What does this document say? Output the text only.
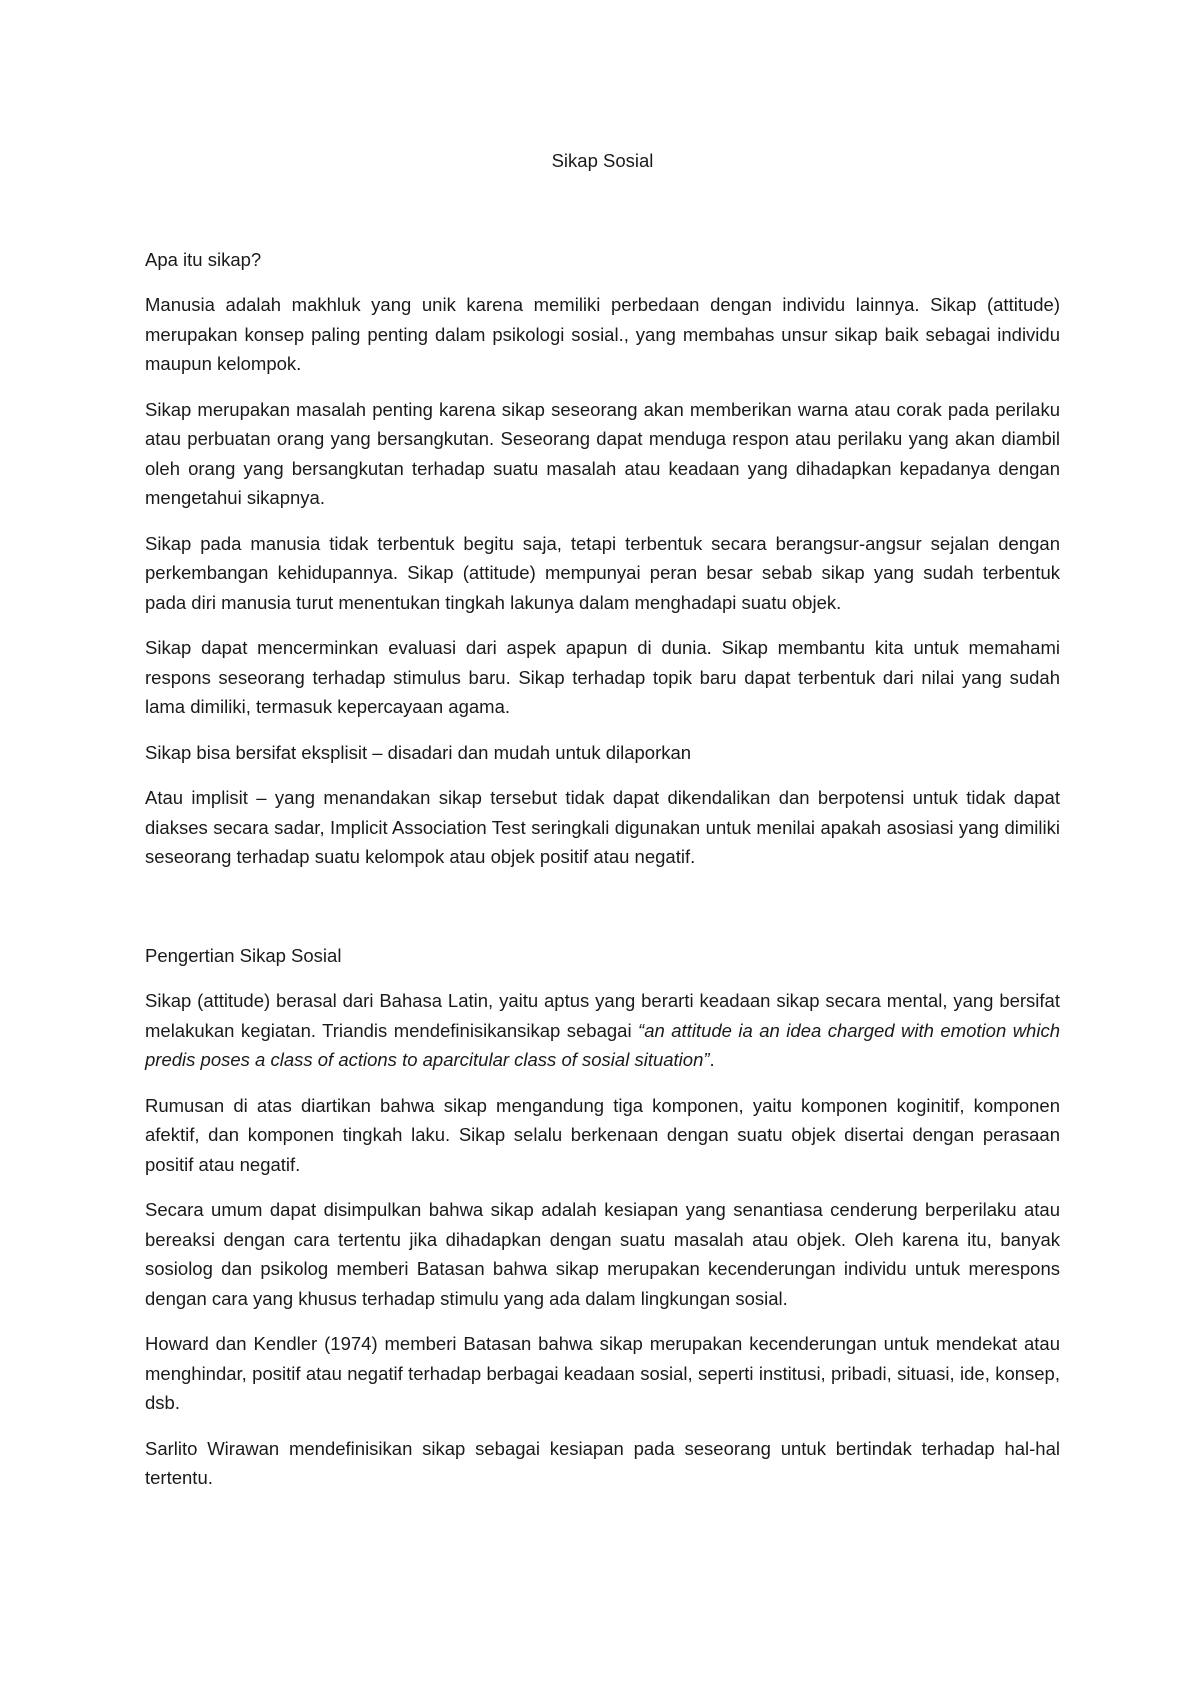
Sikap Sosial
Apa itu sikap?

Manusia adalah makhluk yang unik karena memiliki perbedaan dengan individu lainnya. Sikap (attitude) merupakan konsep paling penting dalam psikologi sosial., yang membahas unsur sikap baik sebagai individu maupun kelompok.

Sikap merupakan masalah penting karena sikap seseorang akan memberikan warna atau corak pada perilaku atau perbuatan orang yang bersangkutan. Seseorang dapat menduga respon atau perilaku yang akan diambil oleh orang yang bersangkutan terhadap suatu masalah atau keadaan yang dihadapkan kepadanya dengan mengetahui sikapnya.

Sikap pada manusia tidak terbentuk begitu saja, tetapi terbentuk secara berangsur-angsur sejalan dengan perkembangan kehidupannya. Sikap (attitude) mempunyai peran besar sebab sikap yang sudah terbentuk pada diri manusia turut menentukan tingkah lakunya dalam menghadapi suatu objek.

Sikap dapat mencerminkan evaluasi dari aspek apapun di dunia. Sikap membantu kita untuk memahami respons seseorang terhadap stimulus baru. Sikap terhadap topik baru dapat terbentuk dari nilai yang sudah lama dimiliki, termasuk kepercayaan agama.

Sikap bisa bersifat eksplisit – disadari dan mudah untuk dilaporkan

Atau implisit – yang menandakan sikap tersebut tidak dapat dikendalikan dan berpotensi untuk tidak dapat diakses secara sadar, Implicit Association Test seringkali digunakan untuk menilai apakah asosiasi yang dimiliki seseorang terhadap suatu kelompok atau objek positif atau negatif.

Pengertian Sikap Sosial

Sikap (attitude) berasal dari Bahasa Latin, yaitu aptus yang berarti keadaan sikap secara mental, yang bersifat melakukan kegiatan. Triandis mendefinisikansikap sebagai “an attitude ia an idea charged with emotion which predis poses a class of actions to aparcitular class of sosial situation”.

Rumusan di atas diartikan bahwa sikap mengandung tiga komponen, yaitu komponen koginitif, komponen afektif, dan komponen tingkah laku. Sikap selalu berkenaan dengan suatu objek disertai dengan perasaan positif atau negatif.

Secara umum dapat disimpulkan bahwa sikap adalah kesiapan yang senantiasa cenderung berperilaku atau bereaksi dengan cara tertentu jika dihadapkan dengan suatu masalah atau objek. Oleh karena itu, banyak sosiolog dan psikolog memberi Batasan bahwa sikap merupakan kecenderungan individu untuk merespons dengan cara yang khusus terhadap stimulu yang ada dalam lingkungan sosial.

Howard dan Kendler (1974) memberi Batasan bahwa sikap merupakan kecenderungan untuk mendekat atau menghindar, positif atau negatif terhadap berbagai keadaan sosial, seperti institusi, pribadi, situasi, ide, konsep, dsb.

Sarlito Wirawan mendefinisikan sikap sebagai kesiapan pada seseorang untuk bertindak terhadap hal-hal tertentu.
